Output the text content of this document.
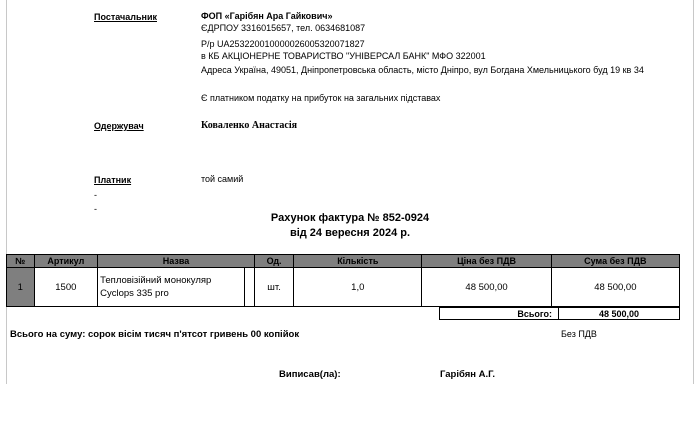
Постачальник	ФОП «Гарібян Ара Гайкович»
ЄДРПОУ 3316015657, тел. 0634681087
Р/р UA253220010000026005320071827
в КБ АКЦІОНЕРНЕ ТОВАРИСТВО "УНІВЕРСАЛ БАНК" МФО 322001
Адреса Україна, 49051, Дніпропетровська область, місто Дніпро, вул Богдана Хмельницького буд 19 кв 34
Є платником податку на прибуток на загальних підставах
Одержувач	Коваленко Анастасія
Платник	той самий
-
-
Рахунок фактура № 852-0924
від 24 вересня 2024 р.
№	Артикул	Назва	Од.	Кількість	Ціна без ПДВ	Сума без ПДВ
1	1500	Тепловізійний монокуляр Cyclops 335 pro	шт.	1,0	48 500,00	48 500,00
Всього:	48 500,00
Всього на суму: сорок вісім тисяч п'ятсот гривень 00 копійок	Без ПДВ
Виписав(ла):	Гарібян А.Г.
